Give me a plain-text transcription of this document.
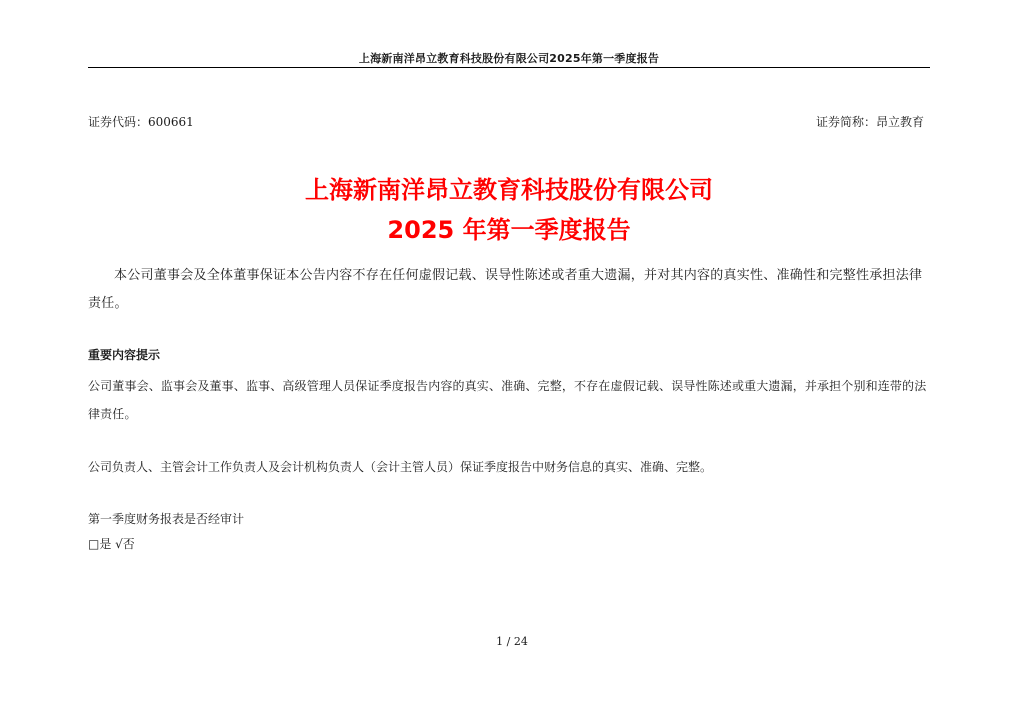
上海新南洋昂立教育科技股份有限公司2025年第一季度报告
证券代码：600661	证券简称：昂立教育
上海新南洋昂立教育科技股份有限公司
2025 年第一季度报告

本公司董事会及全体董事保证本公告内容不存在任何虚假记载、误导性陈述或者重大遗漏，并对其内容的真实性、准确性和完整性承担法律责任。

重要内容提示

公司董事会、监事会及董事、监事、高级管理人员保证季度报告内容的真实、准确、完整，不存在虚假记载、误导性陈述或重大遗漏，并承担个别和连带的法律责任。

公司负责人、主管会计工作负责人及会计机构负责人（会计主管人员）保证季度报告中财务信息的真实、准确、完整。

第一季度财务报表是否经审计

□是 √否

1 / 24
